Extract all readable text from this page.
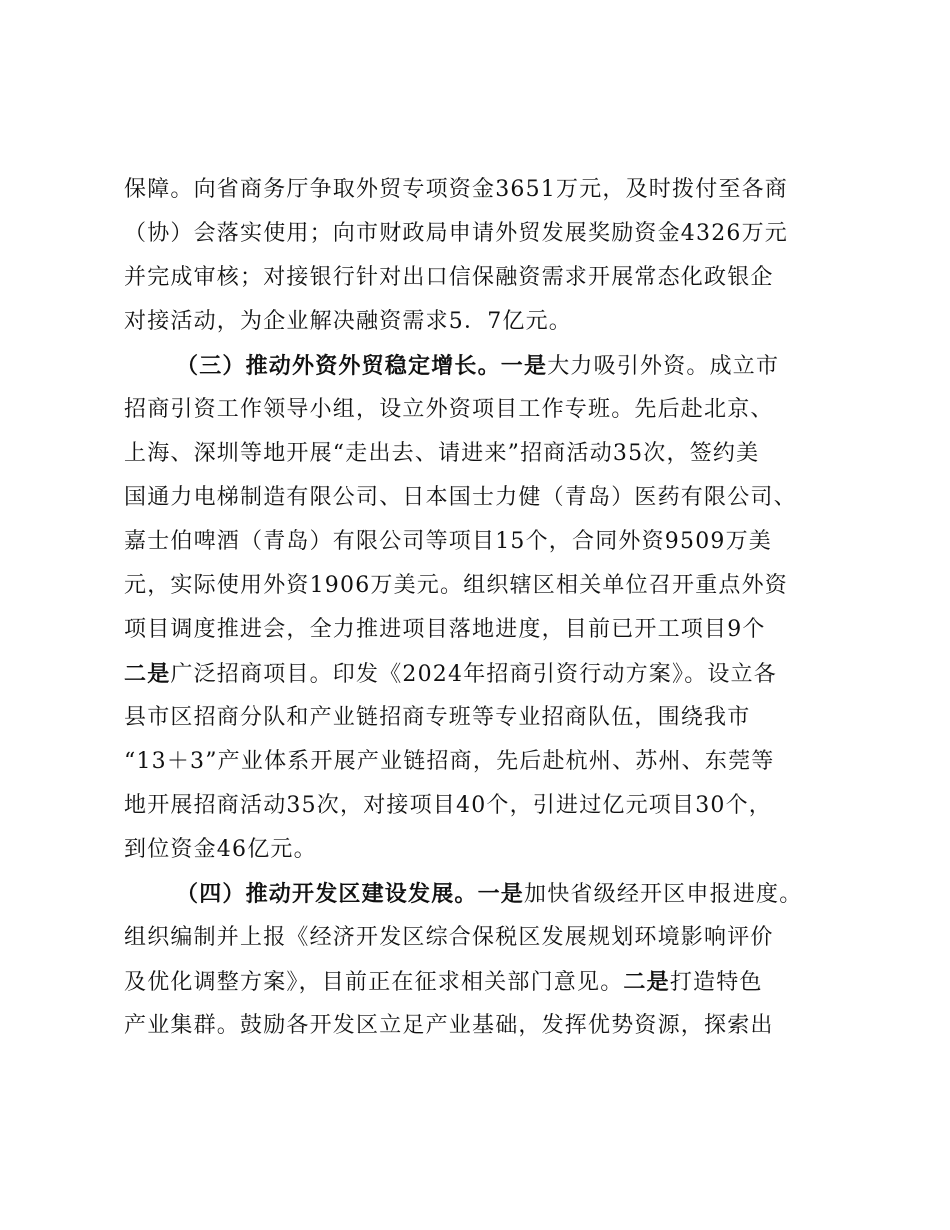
保障。向省商务厅争取外贸专项资金3651万元，及时拨付至各商
（协）会落实使用；向市财政局申请外贸发展奖励资金4326万元
并完成审核；对接银行针对出口信保融资需求开展常态化政银企
对接活动，为企业解决融资需求5．7亿元。
（三）推动外资外贸稳定增长。一是大力吸引外资。成立市
招商引资工作领导小组，设立外资项目工作专班。先后赴北京、
上海、深圳等地开展“走出去、请进来”招商活动35次，签约美
国通力电梯制造有限公司、日本国士力健（青岛）医药有限公司、
嘉士伯啤酒（青岛）有限公司等项目15个，合同外资9509万美
元，实际使用外资1906万美元。组织辖区相关单位召开重点外资
项目调度推进会，全力推进项目落地进度，目前已开工项目9个
二是广泛招商项目。印发《2024年招商引资行动方案》。设立各
县市区招商分队和产业链招商专班等专业招商队伍，围绕我市
“13＋3”产业体系开展产业链招商，先后赴杭州、苏州、东莞等
地开展招商活动35次，对接项目40个，引进过亿元项目30个，
到位资金46亿元。
（四）推动开发区建设发展。一是加快省级经开区申报进度。
组织编制并上报《经济开发区综合保税区发展规划环境影响评价
及优化调整方案》，目前正在征求相关部门意见。二是打造特色
产业集群。鼓励各开发区立足产业基础，发挥优势资源，探索出
